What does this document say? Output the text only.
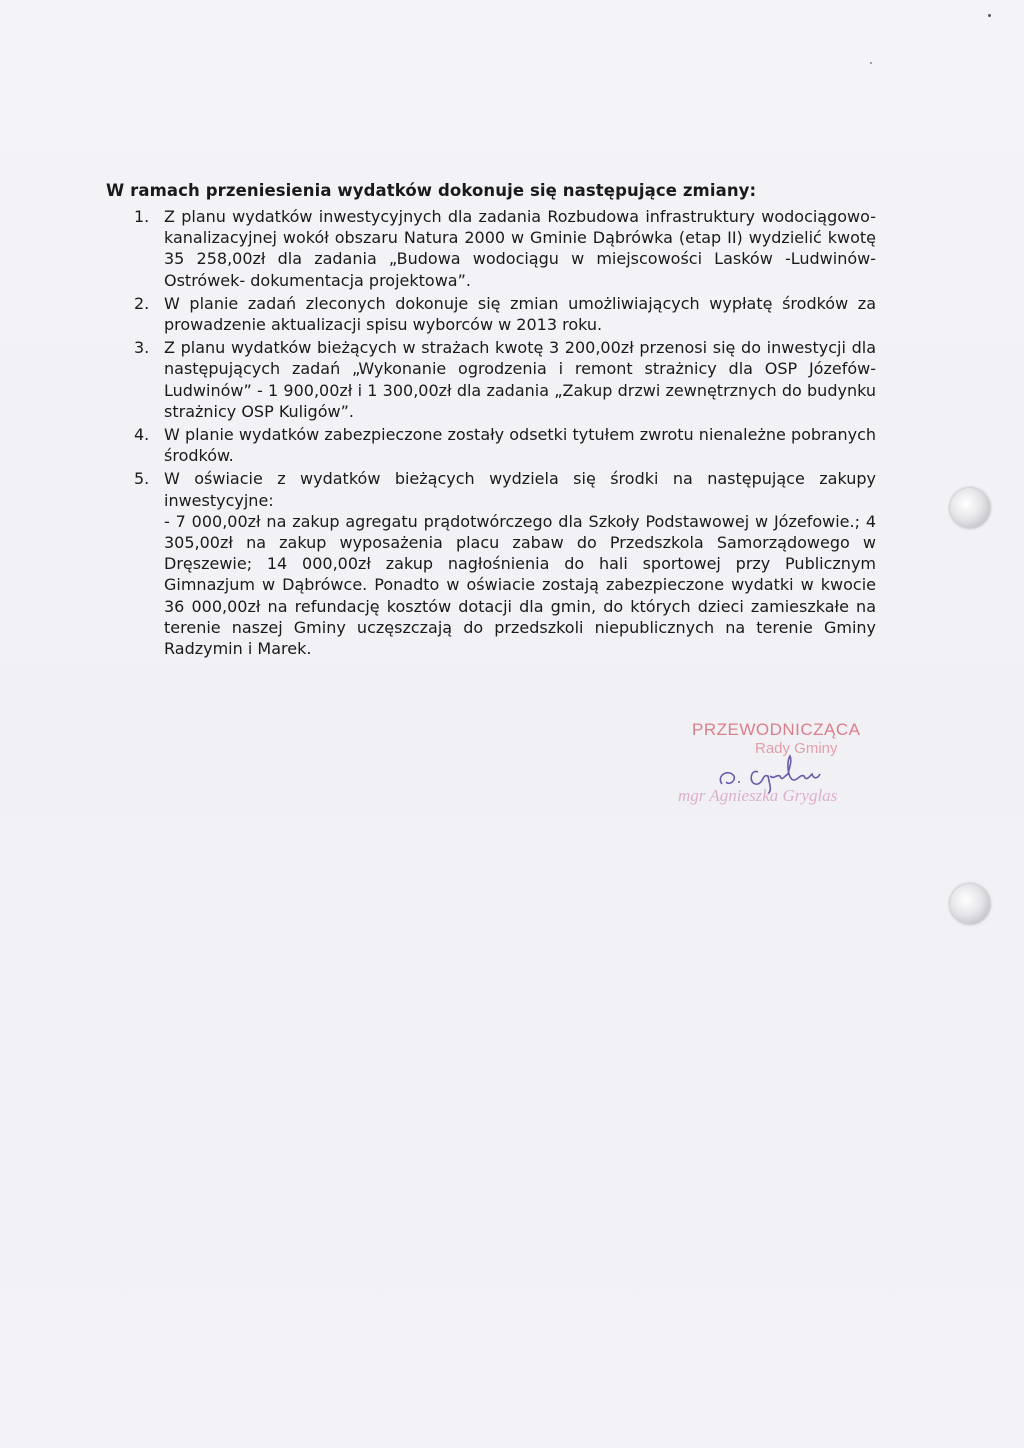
W ramach przeniesienia wydatków dokonuje się następujące zmiany:
1. Z planu wydatków inwestycyjnych dla zadania Rozbudowa infrastruktury wodociągowo-kanalizacyjnej wokół obszaru Natura 2000 w Gminie Dąbrówka (etap II) wydzielić kwotę 35 258,00zł dla zadania „Budowa wodociągu w miejscowości Lasków -Ludwinów-Ostrówek- dokumentacja projektowa”.
2. W planie zadań zleconych dokonuje się zmian umożliwiających wypłatę środków za prowadzenie aktualizacji spisu wyborców w 2013 roku.
3. Z planu wydatków bieżących w strażach kwotę 3 200,00zł przenosi się do inwestycji dla następujących zadań „Wykonanie ogrodzenia i remont strażnicy dla OSP Józefów-Ludwinów” - 1 900,00zł i 1 300,00zł dla zadania „Zakup drzwi zewnętrznych do budynku strażnicy OSP Kuligów”.
4. W planie wydatków zabezpieczone zostały odsetki tytułem zwrotu nienależne pobranych środków.
5. W oświacie z wydatków bieżących wydziela się środki na następujące zakupy inwestycyjne:
- 7 000,00zł na zakup agregatu prądotwórczego dla Szkoły Podstawowej w Józefowie.; 4 305,00zł na zakup wyposażenia placu zabaw do Przedszkola Samorządowego w Dręszewie; 14 000,00zł zakup nagłośnienia do hali sportowej przy Publicznym Gimnazjum w Dąbrówce. Ponadto w oświacie zostają zabezpieczone wydatki w kwocie 36 000,00zł na refundację kosztów dotacji dla gmin, do których dzieci zamieszkałe na terenie naszej Gminy uczęszczają do przedszkoli niepublicznych na terenie Gminy Radzymin i Marek.
PRZEWODNICZĄCA
Rady Gminy
mgr Agnieszka Gryglas
